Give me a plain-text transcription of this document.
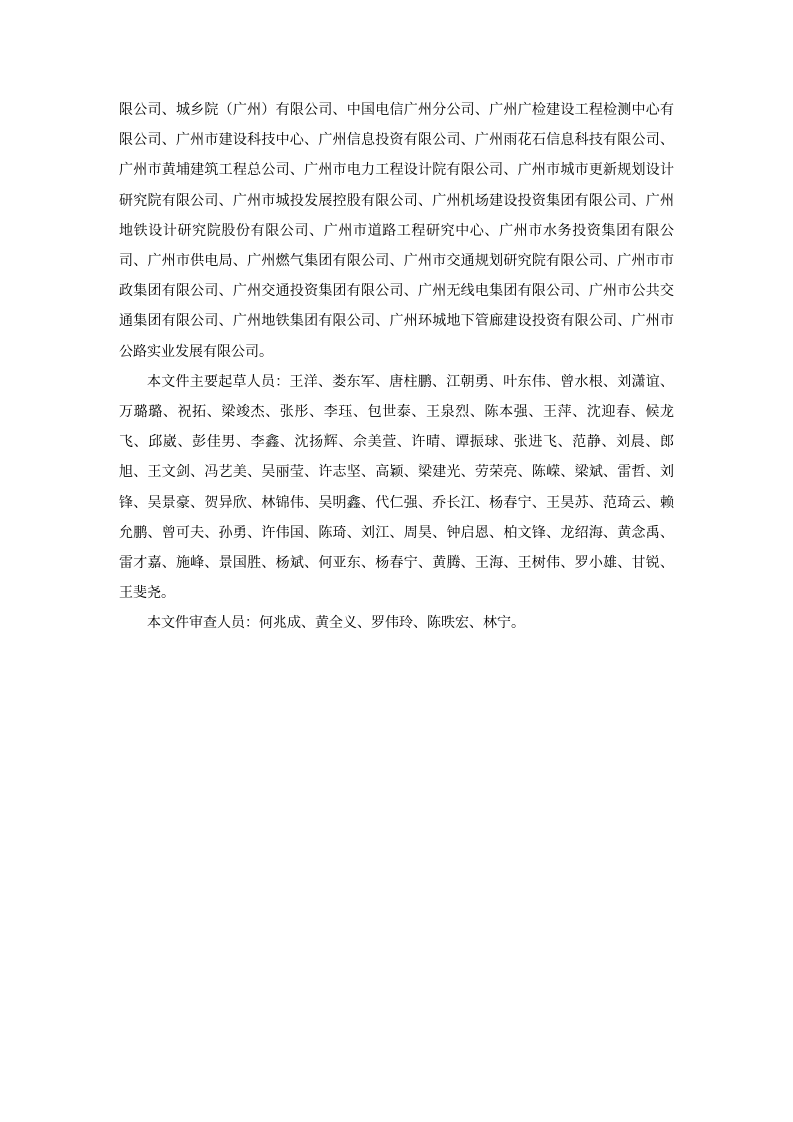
限公司、城乡院（广州）有限公司、中国电信广州分公司、广州广检建设工程检测中心有限公司、广州市建设科技中心、广州信息投资有限公司、广州雨花石信息科技有限公司、广州市黄埔建筑工程总公司、广州市电力工程设计院有限公司、广州市城市更新规划设计研究院有限公司、广州市城投发展控股有限公司、广州机场建设投资集团有限公司、广州地铁设计研究院股份有限公司、广州市道路工程研究中心、广州市水务投资集团有限公司、广州市供电局、广州燃气集团有限公司、广州市交通规划研究院有限公司、广州市市政集团有限公司、广州交通投资集团有限公司、广州无线电集团有限公司、广州市公共交通集团有限公司、广州地铁集团有限公司、广州环城地下管廊建设投资有限公司、广州市公路实业发展有限公司。

本文件主要起草人员：王洋、娄东军、唐柱鹏、江朝勇、叶东伟、曾水根、刘潇谊、万璐璐、祝拓、梁竣杰、张彤、李珏、包世泰、王泉烈、陈本强、王萍、沈迎春、候龙飞、邱崴、彭佳男、李鑫、沈扬辉、佘美萱、许晴、谭振球、张进飞、范静、刘晨、郎旭、王文剑、冯艺美、吴丽莹、许志坚、高颖、梁建光、劳荣亮、陈嵘、梁斌、雷哲、刘锋、吴景豪、贺异欣、林锦伟、吴明鑫、代仁强、乔长江、杨春宁、王昊苏、范琦云、赖允鹏、曾可夫、孙勇、许伟国、陈琦、刘江、周昊、钟启恩、柏文锋、龙绍海、黄念禹、雷才嘉、施峰、景国胜、杨斌、何亚东、杨春宁、黄腾、王海、王树伟、罗小雄、甘锐、王斐尧。

本文件审查人员：何兆成、黄全义、罗伟玲、陈昳宏、林宁。
